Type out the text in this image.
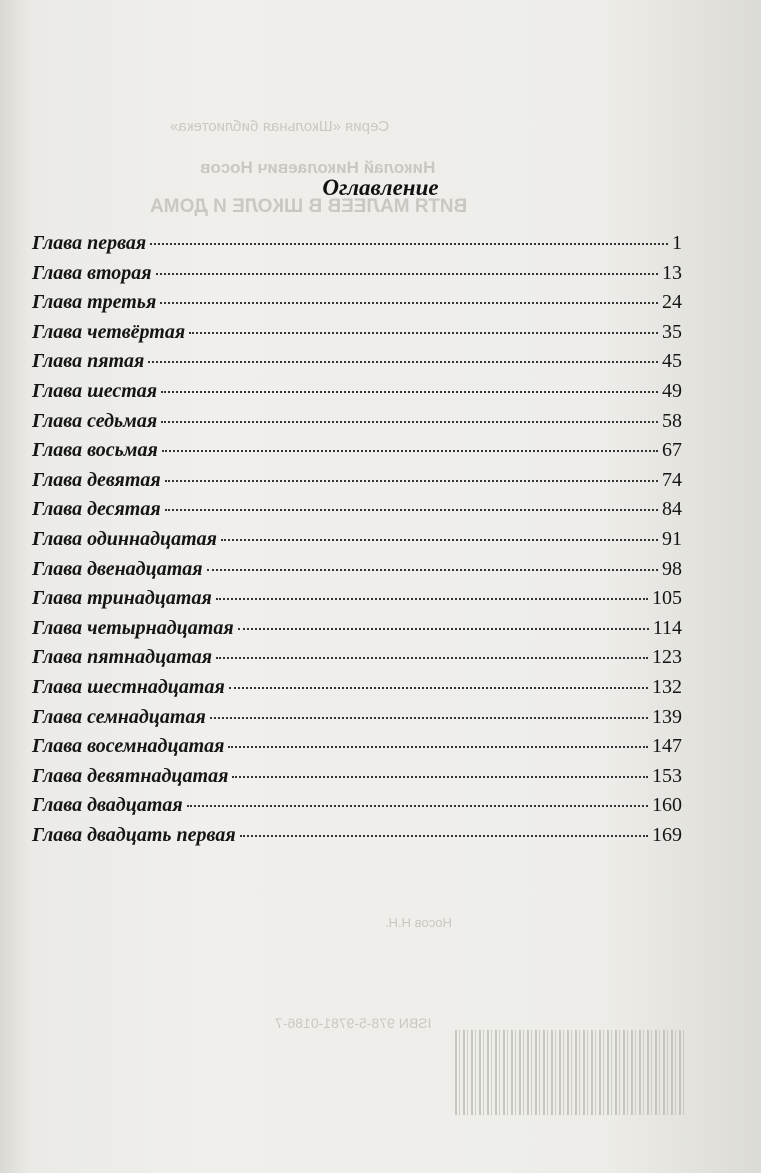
Серия «Школьная библиотека»
Николай Николаевич Носов
ВИТЯ МАЛЕЕВ В ШКОЛЕ И ДОМА
Носов Н.Н.
ISBN 978-5-9781-0186-7
Оглавление
Глава первая	1
Глава вторая	13
Глава третья	24
Глава четвёртая	35
Глава пятая	45
Глава шестая	49
Глава седьмая	58
Глава восьмая	67
Глава девятая	74
Глава десятая	84
Глава одиннадцатая	91
Глава двенадцатая	98
Глава тринадцатая	105
Глава четырнадцатая	114
Глава пятнадцатая	123
Глава шестнадцатая	132
Глава семнадцатая	139
Глава восемнадцатая	147
Глава девятнадцатая	153
Глава двадцатая	160
Глава двадцать первая	169
